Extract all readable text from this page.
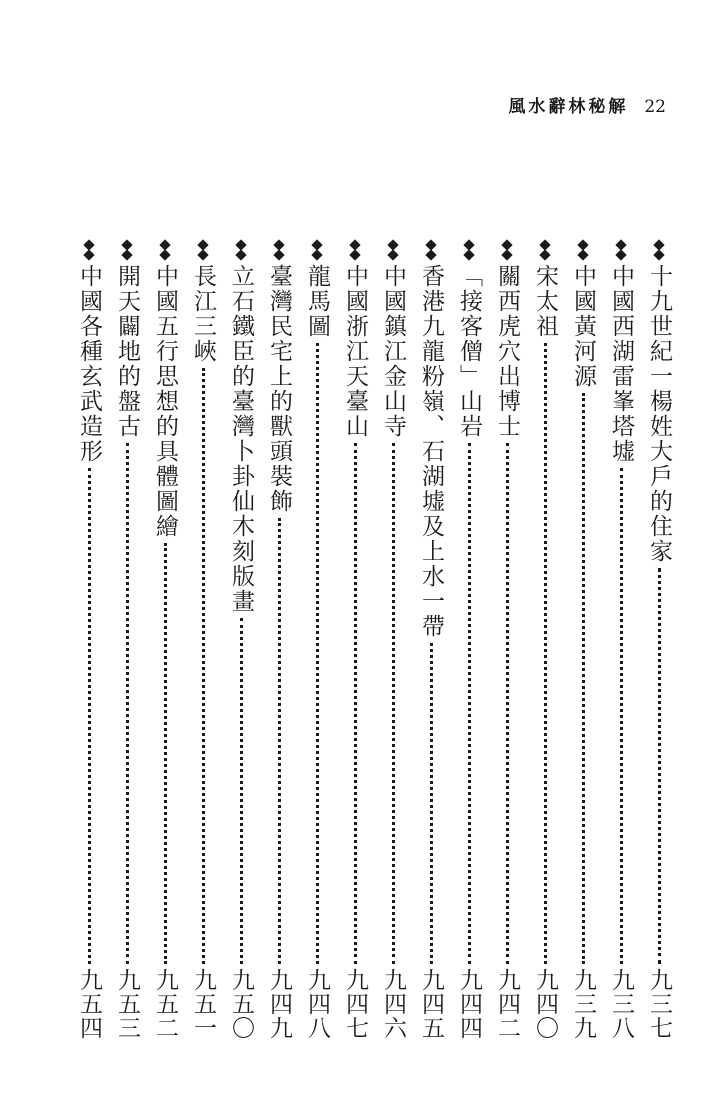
風水辭林秘解 22
十九世紀一楊姓大戶的住家
九三七
中國西湖雷峯塔墟
九三八
中國黃河源
九三九
宋太祖
九四〇
關西虎穴出博士
九四二
「接客僧」山岩
九四四
香港九龍粉嶺、石湖墟及上水一帶
九四五
中國鎮江金山寺
九四六
中國浙江天臺山
九四七
龍馬圖
九四八
臺灣民宅上的獸頭裝飾
九四九
立石鐵臣的臺灣卜卦仙木刻版畫
九五〇
長江三峽
九五一
中國五行思想的具體圖繪
九五二
開天闢地的盤古
九五三
中國各種玄武造形
九五四
